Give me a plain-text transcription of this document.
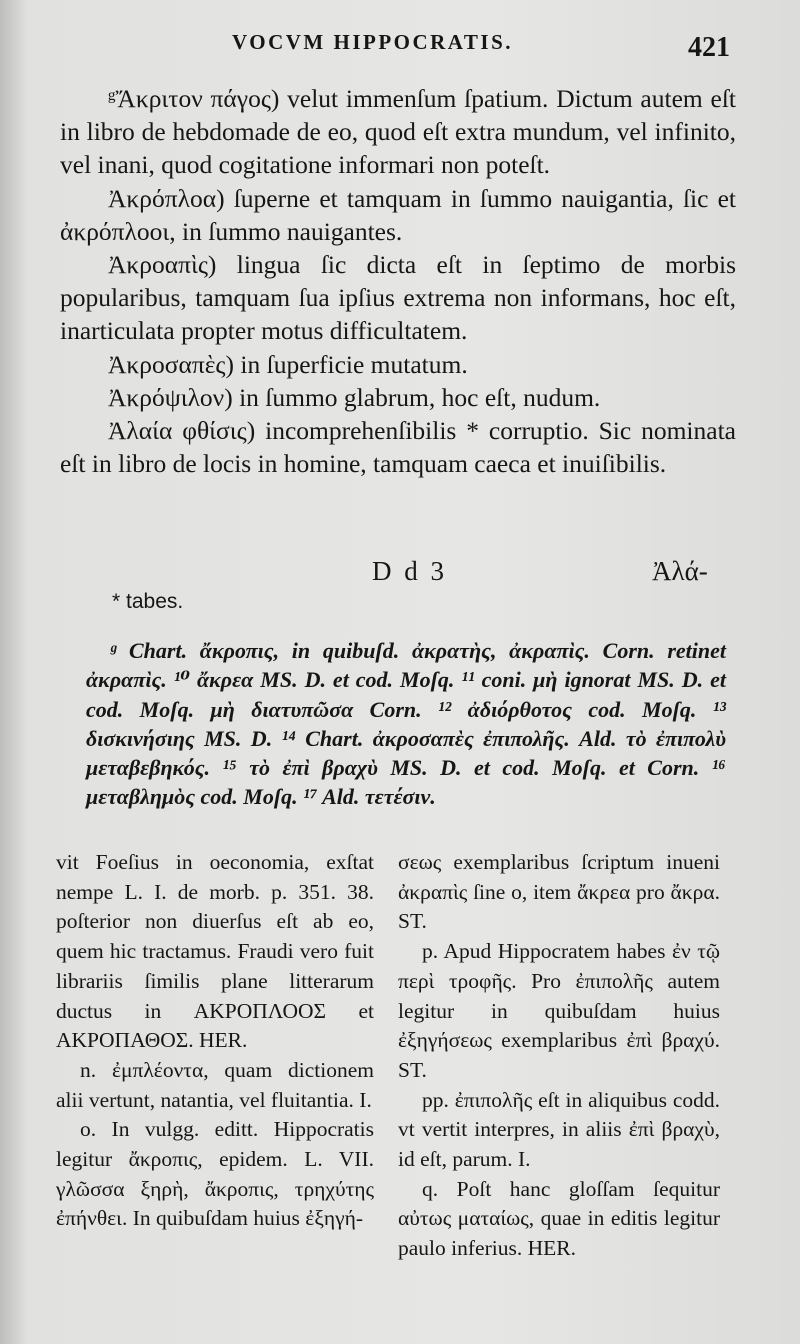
VOCVM HIPPOCRATIS.	421

ᵍἌκριτον πάγος) velut immenſum ſpatium. Dictum autem eſt in libro de hebdomade de eo, quod eſt extra mundum, vel infinito, vel inani, quod cogitatione informari non poteſt.

Ἀκρόπλοα) ſuperne et tamquam in ſummo nauigantia, ſic et ἀκρόπλοοι, in ſummo nauigantes.

Ἀκροαπὶς) lingua ſic dicta eſt in ſeptimo de morbis popularibus, tamquam ſua ipſius extrema non informans, hoc eſt, inarticulata propter motus difficultatem.

Ἀκροσαπὲς) in ſuperficie mutatum.

Ἀκρόψιλον) in ſummo glabrum, hoc eſt, nudum.

Ἀλαία φθίσις) incomprehenſibilis * corruptio. Sic nominata eſt in libro de locis in homine, tamquam caeca et inuiſibilis.

D d 3	Ἀλά-
* tabes.

ᵍ Chart. ἄκροπις, in quibuſd. ἀκρατὴς, ἀκραπὶς. Corn. retinet ἀκραπὶς. ¹⁰ ἄκρεα MS. D. et cod. Moſq. ¹¹ coni. μὴ ignorat MS. D. et cod. Moſq. μὴ διατυπῶσα Corn. ¹² ἀδιόρθοτος cod. Moſq. ¹³ δισκινήσιης MS. D. ¹⁴ Chart. ἀκροσαπὲς ἐπιπολῆς. Ald. τὸ ἐπιπολὺ μεταβεβηκός. ¹⁵ τὸ ἐπὶ βραχὺ MS. D. et cod. Moſq. et Corn. ¹⁶ μεταβλημὸς cod. Moſq. ¹⁷ Ald. τετέσιν.

vit Foeſius in oeconomia, exſtat nempe L. I. de morb. p. 351. 38. poſterior non diuerſus eſt ab eo, quem hic tractamus. Fraudi vero fuit librariis ſimilis plane litterarum ductus in ΑΚΡΟΠΛΟΟΣ et ΑΚΡΟΠΑΘΟΣ. HER.

n. ἐμπλέοντα, quam dictionem alii vertunt, natantia, vel fluitantia. I.

o. In vulgg. editt. Hippocratis legitur ἄκροπις, epidem. L. VII. γλῶσσα ξηρὴ, ἄκροπις, τρηχύτης ἐπήνθει. In quibuſdam huius ἐξηγή-

σεως exemplaribus ſcriptum inueni ἀκραπὶς ſine o, item ἄκρεα pro ἄκρα. ST.

p. Apud Hippocratem habes ἐν τῷ περὶ τροφῆς. Pro ἐπιπολῆς autem legitur in quibuſdam huius ἐξηγήσεως exemplaribus ἐπὶ βραχύ. ST.

pp. ἐπιπολῆς eſt in aliquibus codd. vt vertit interpres, in aliis ἐπὶ βραχὺ, id eſt, parum. I.

q. Poſt hanc gloſſam ſequitur αὐτως ματαίως, quae in editis legitur paulo inferius. HER.
